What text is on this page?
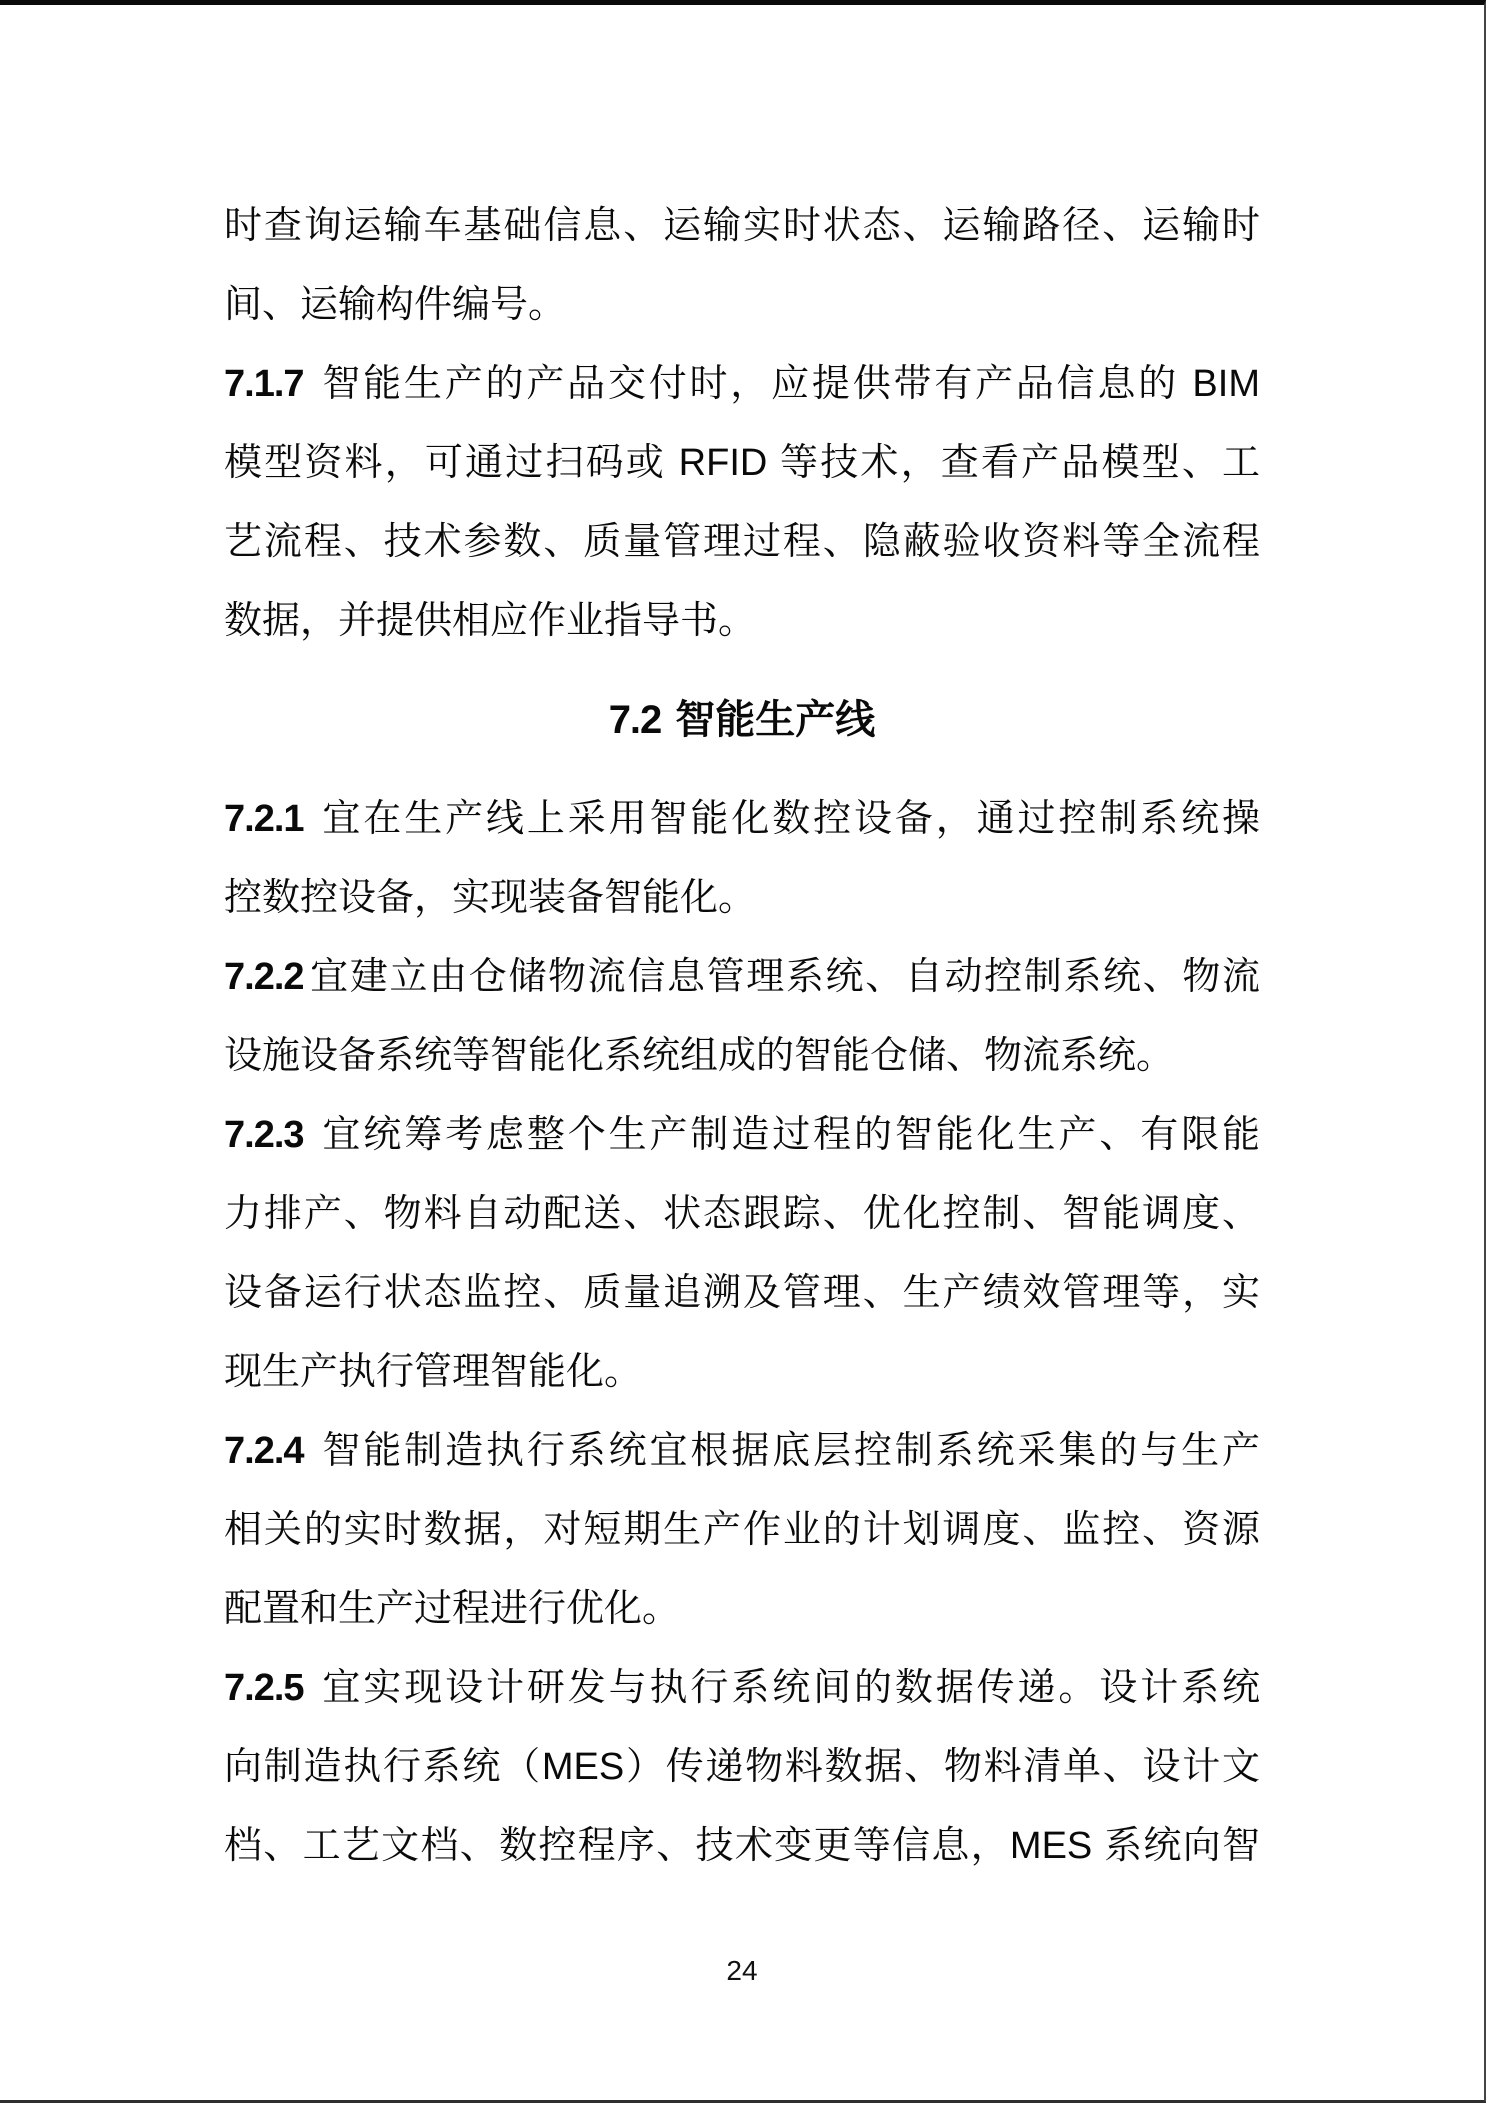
时查询运输车基础信息、运输实时状态、运输路径、运输时
间、运输构件编号。
7.1.7 智能生产的产品交付时，应提供带有产品信息的 BIM
模型资料，可通过扫码或 RFID 等技术，查看产品模型、工
艺流程、技术参数、质量管理过程、隐蔽验收资料等全流程
数据，并提供相应作业指导书。
7.2 智能生产线
7.2.1 宜在生产线上采用智能化数控设备，通过控制系统操
控数控设备，实现装备智能化。
7.2.2 宜建立由仓储物流信息管理系统、自动控制系统、物流
设施设备系统等智能化系统组成的智能仓储、物流系统。
7.2.3 宜统筹考虑整个生产制造过程的智能化生产、有限能
力排产、物料自动配送、状态跟踪、优化控制、智能调度、
设备运行状态监控、质量追溯及管理、生产绩效管理等，实
现生产执行管理智能化。
7.2.4 智能制造执行系统宜根据底层控制系统采集的与生产
相关的实时数据，对短期生产作业的计划调度、监控、资源
配置和生产过程进行优化。
7.2.5 宜实现设计研发与执行系统间的数据传递。设计系统
向制造执行系统（MES）传递物料数据、物料清单、设计文
档、工艺文档、数控程序、技术变更等信息，MES 系统向智
24
